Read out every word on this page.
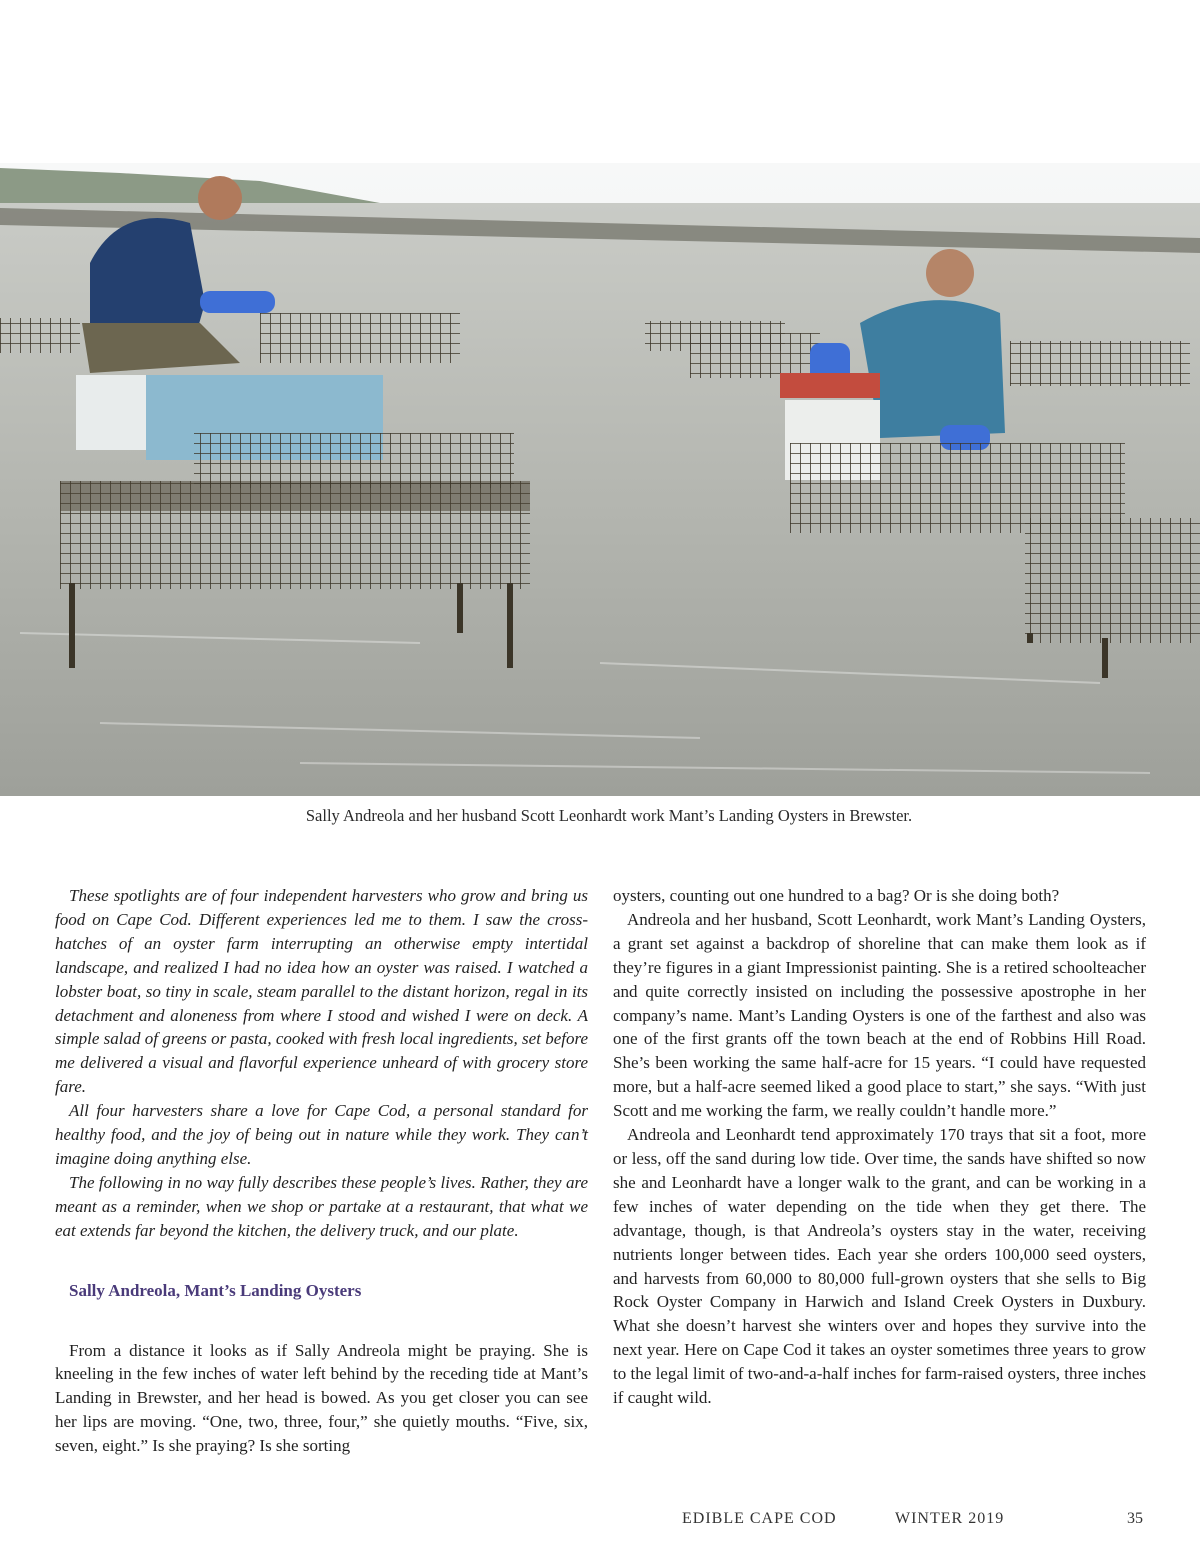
Sally Andreola and her husband Scott Leonhardt work Mant’s Landing Oysters in Brewster.

These spotlights are of four independent harvesters who grow and bring us food on Cape Cod. Different experiences led me to them. I saw the cross-hatches of an oyster farm interrupting an otherwise empty intertidal landscape, and realized I had no idea how an oyster was raised. I watched a lobster boat, so tiny in scale, steam parallel to the distant horizon, regal in its detachment and aloneness from where I stood and wished I were on deck. A simple salad of greens or pasta, cooked with fresh local ingredients, set before me delivered a visual and flavorful experience unheard of with grocery store fare.

All four harvesters share a love for Cape Cod, a personal standard for healthy food, and the joy of being out in nature while they work. They can’t imagine doing anything else.

The following in no way fully describes these people’s lives. Rather, they are meant as a reminder, when we shop or partake at a restaurant, that what we eat extends far beyond the kitchen, the delivery truck, and our plate.

Sally Andreola, Mant’s Landing Oysters

From a distance it looks as if Sally Andreola might be praying. She is kneeling in the few inches of water left behind by the receding tide at Mant’s Landing in Brewster, and her head is bowed. As you get closer you can see her lips are moving. “One, two, three, four,” she quietly mouths. “Five, six, seven, eight.” Is she praying? Is she sorting

oysters, counting out one hundred to a bag? Or is she doing both?

Andreola and her husband, Scott Leonhardt, work Mant’s Landing Oysters, a grant set against a backdrop of shoreline that can make them look as if they’re figures in a giant Impressionist painting. She is a retired schoolteacher and quite correctly insisted on including the possessive apostrophe in her company’s name. Mant’s Landing Oysters is one of the farthest and also was one of the first grants off the town beach at the end of Robbins Hill Road. She’s been working the same half-acre for 15 years. “I could have requested more, but a half-acre seemed liked a good place to start,” she says. “With just Scott and me working the farm, we really couldn’t handle more.”

Andreola and Leonhardt tend approximately 170 trays that sit a foot, more or less, off the sand during low tide. Over time, the sands have shifted so now she and Leonhardt have a longer walk to the grant, and can be working in a few inches of water depending on the tide when they get there. The advantage, though, is that Andreola’s oysters stay in the water, receiving nutrients longer between tides. Each year she orders 100,000 seed oysters, and harvests from 60,000 to 80,000 full-grown oysters that she sells to Big Rock Oyster Company in Harwich and Island Creek Oysters in Duxbury. What she doesn’t harvest she winters over and hopes they survive into the next year. Here on Cape Cod it takes an oyster sometimes three years to grow to the legal limit of two-and-a-half inches for farm-raised oysters, three inches if caught wild.

EDIBLE CAPE COD	WINTER 2019	35
